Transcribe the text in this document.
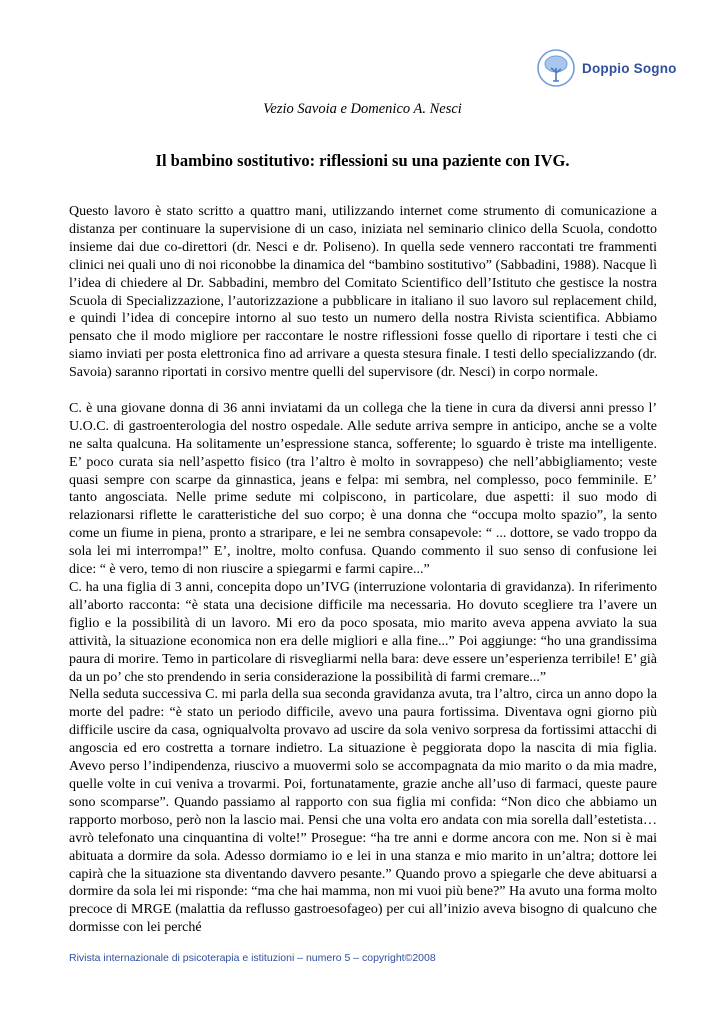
Doppio Sogno
Vezio Savoia e Domenico A. Nesci
Il bambino sostitutivo: riflessioni su una paziente con IVG.

Questo lavoro è stato scritto a quattro mani, utilizzando internet come strumento di comunicazione a distanza per continuare la supervisione di un caso, iniziata nel seminario clinico della Scuola, condotto insieme dai due co-direttori (dr. Nesci e dr. Poliseno). In quella sede vennero raccontati tre frammenti clinici nei quali uno di noi riconobbe la dinamica del “bambino sostitutivo” (Sabbadini, 1988). Nacque lì l’idea di chiedere al Dr. Sabbadini, membro del Comitato Scientifico dell’Istituto che gestisce la nostra Scuola di Specializzazione, l’autorizzazione a pubblicare in italiano il suo lavoro sul replacement child, e quindi l’idea di concepire intorno al suo testo un numero della nostra Rivista scientifica. Abbiamo pensato che il modo migliore per raccontare le nostre riflessioni fosse quello di riportare i testi che ci siamo inviati per posta elettronica fino ad arrivare a questa stesura finale. I testi dello specializzando (dr. Savoia) saranno riportati in corsivo mentre quelli del supervisore (dr. Nesci) in corpo normale.

C. è una giovane donna di 36 anni inviatami da un collega che la tiene in cura da diversi anni presso l’ U.O.C. di gastroenterologia del nostro ospedale. Alle sedute arriva sempre in anticipo, anche se a volte ne salta qualcuna. Ha solitamente un’espressione stanca, sofferente; lo sguardo è triste ma intelligente. E’ poco curata sia nell’aspetto fisico (tra l’altro è molto in sovrappeso) che nell’abbigliamento; veste quasi sempre con scarpe da ginnastica, jeans e felpa: mi sembra, nel complesso, poco femminile. E’ tanto angosciata. Nelle prime sedute mi colpiscono, in particolare, due aspetti: il suo modo di relazionarsi riflette le caratteristiche del suo corpo; è una donna che “occupa molto spazio”, la sento come un fiume in piena, pronto a straripare, e lei ne sembra consapevole: “ ... dottore, se vado troppo da sola lei mi interrompa!” E’, inoltre, molto confusa. Quando commento il suo senso di confusione lei dice: “ è vero, temo di non riuscire a spiegarmi e farmi capire...”

C. ha una figlia di 3 anni, concepita dopo un’IVG (interruzione volontaria di gravidanza). In riferimento all’aborto racconta: “è stata una decisione difficile ma necessaria. Ho dovuto scegliere tra l’avere un figlio e la possibilità di un lavoro. Mi ero da poco sposata, mio marito aveva appena avviato la sua attività, la situazione economica non era delle migliori e alla fine...” Poi aggiunge: “ho una grandissima paura di morire. Temo in particolare di risvegliarmi nella bara: deve essere un’esperienza terribile! E’ già da un po’ che sto prendendo in seria considerazione la possibilità di farmi cremare...”

Nella seduta successiva C. mi parla della sua seconda gravidanza avuta, tra l’altro, circa un anno dopo la morte del padre: “è stato un periodo difficile, avevo una paura fortissima. Diventava ogni giorno più difficile uscire da casa, ogniqualvolta provavo ad uscire da sola venivo sorpresa da fortissimi attacchi di angoscia ed ero costretta a tornare indietro. La situazione è peggiorata dopo la nascita di mia figlia. Avevo perso l’indipendenza, riuscivo a muovermi solo se accompagnata da mio marito o da mia madre, quelle volte in cui veniva a trovarmi. Poi, fortunatamente, grazie anche all’uso di farmaci, queste paure sono scomparse”. Quando passiamo al rapporto con sua figlia mi confida: “Non dico che abbiamo un rapporto morboso, però non la lascio mai. Pensi che una volta ero andata con mia sorella dall’estetista… avrò telefonato una cinquantina di volte!” Prosegue: “ha tre anni e dorme ancora con me. Non si è mai abituata a dormire da sola. Adesso dormiamo io e lei in una stanza e mio marito in un’altra; dottore lei capirà che la situazione sta diventando davvero pesante.” Quando provo a spiegarle che deve abituarsi a dormire da sola lei mi risponde: “ma che hai mamma, non mi vuoi più bene?” Ha avuto una forma molto precoce di MRGE (malattia da reflusso gastroesofageo) per cui all’inizio aveva bisogno di qualcuno che dormisse con lei perché

Rivista internazionale di psicoterapia e istituzioni – numero 5 – copyright©2008
